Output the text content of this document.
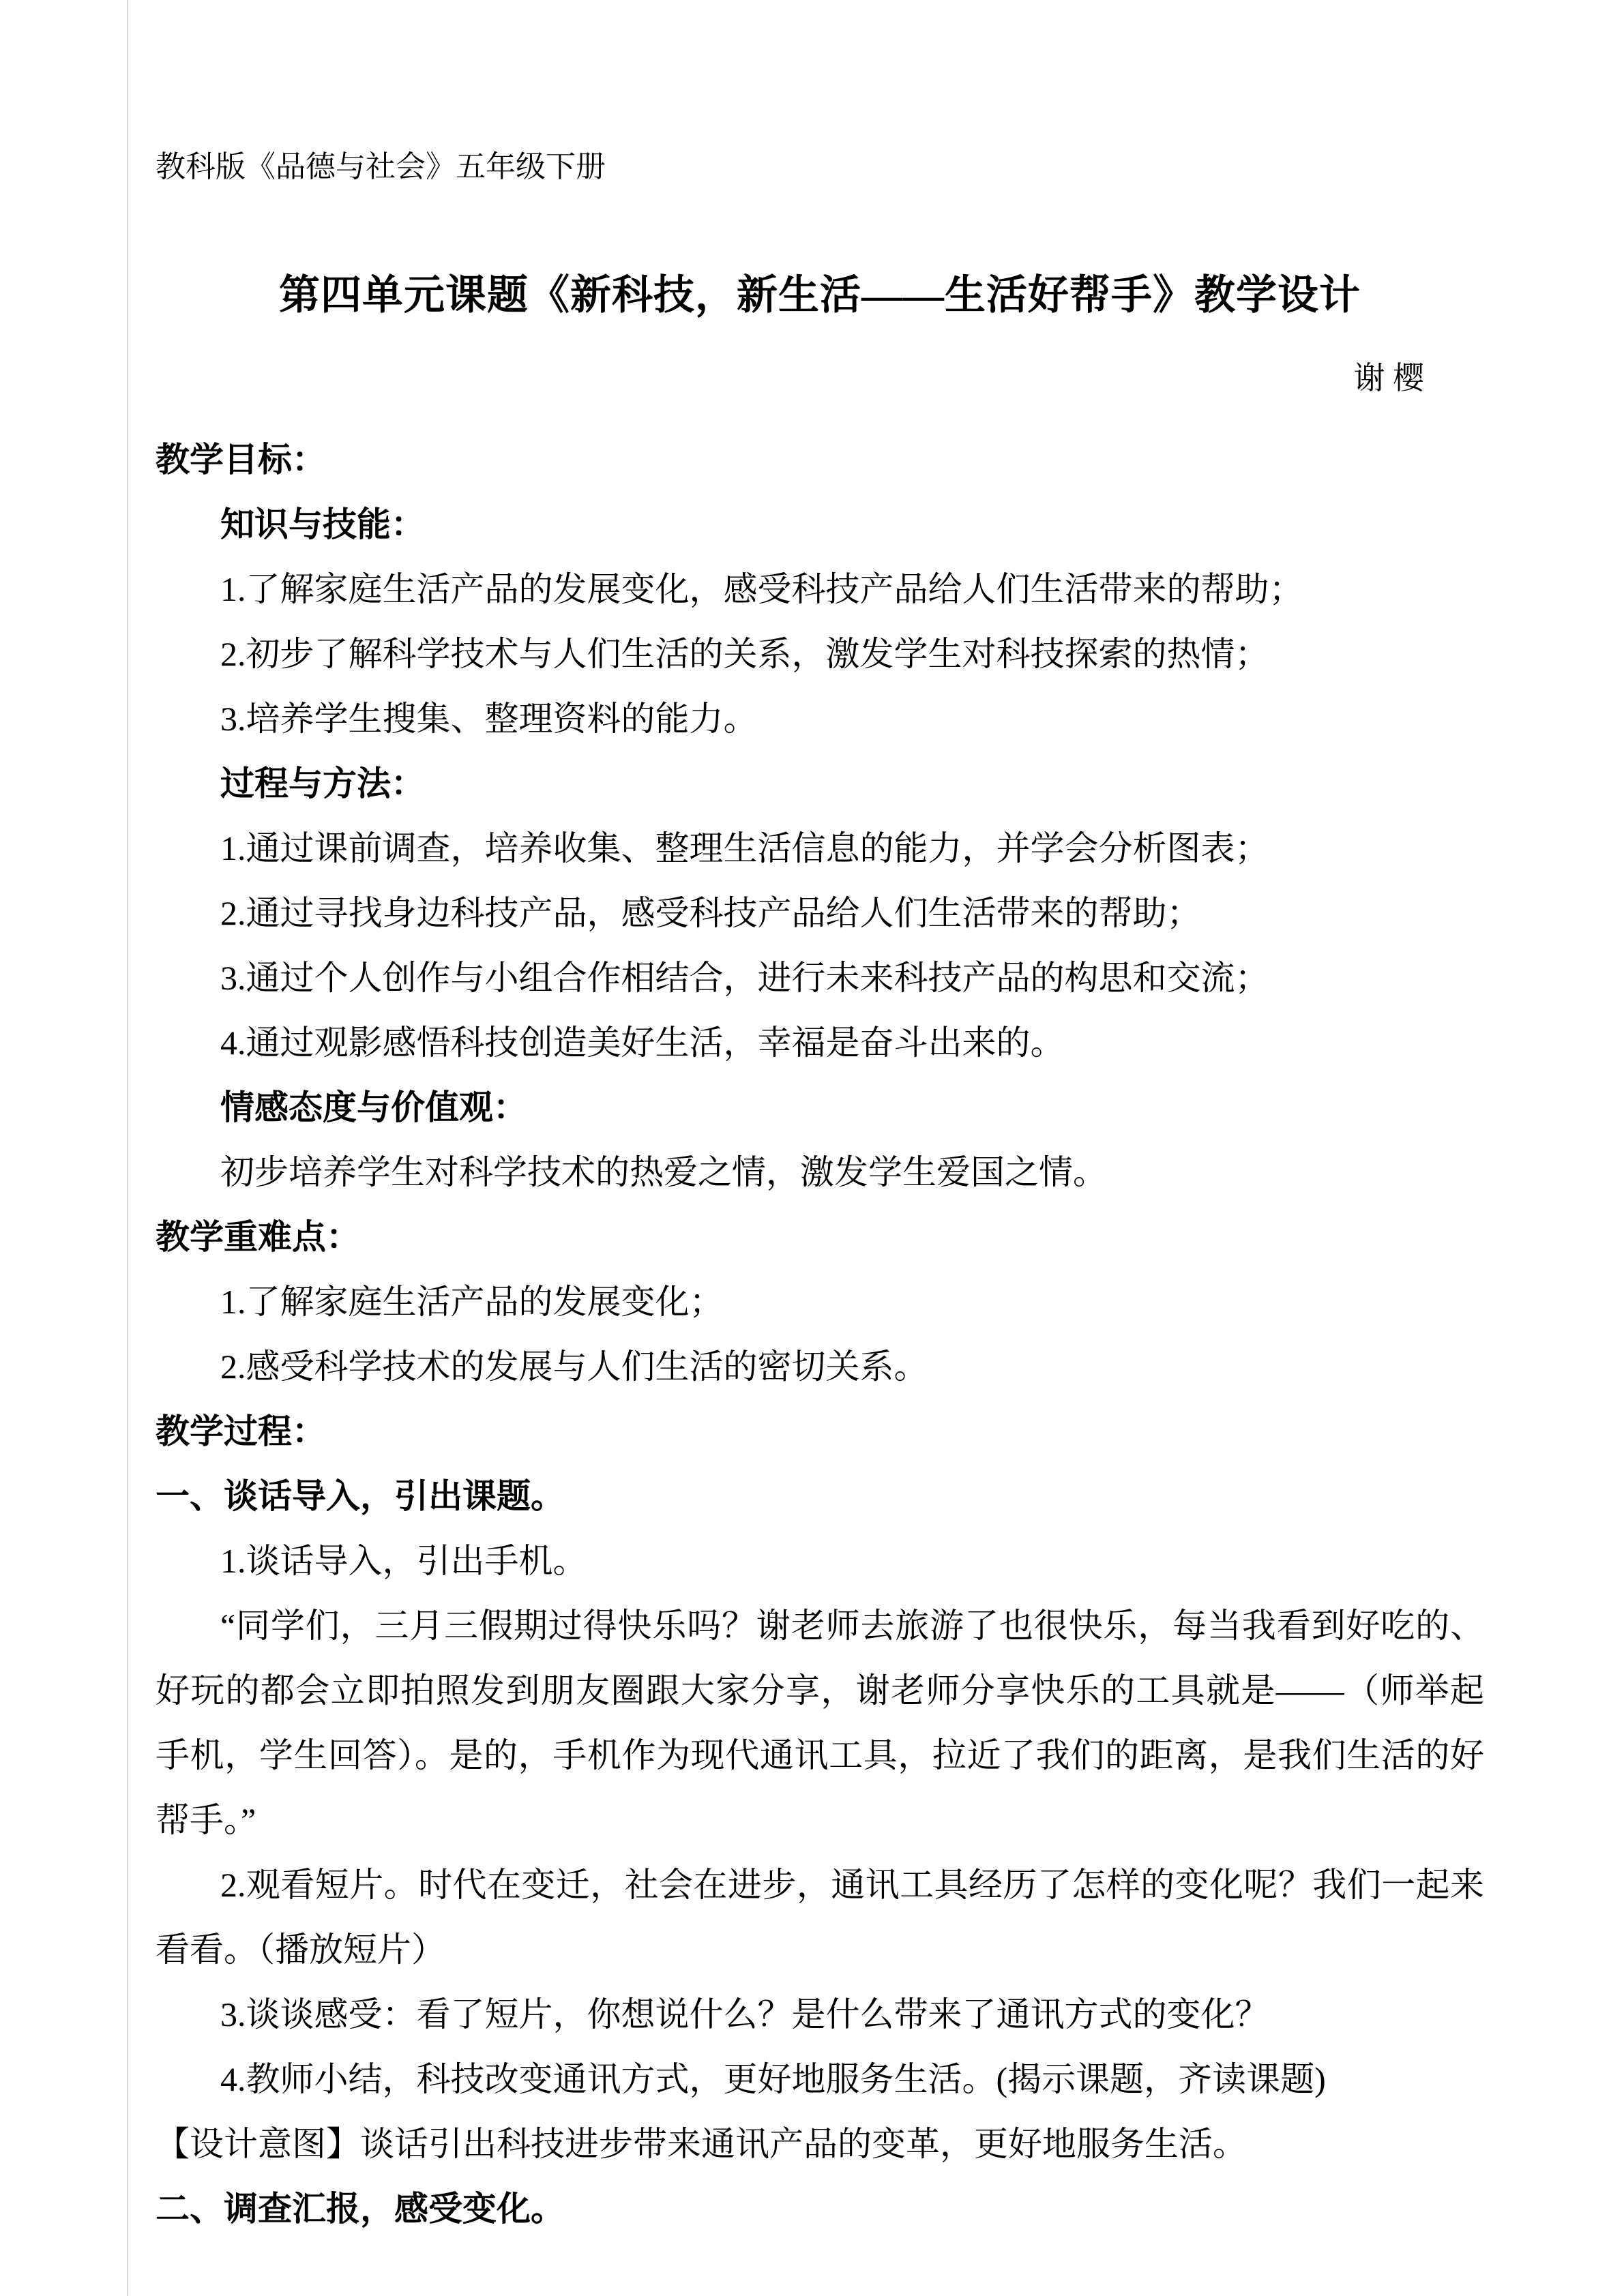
教科版《品德与社会》五年级下册

第四单元课题《新科技，新生活——生活好帮手》教学设计

谢 樱

教学目标：

知识与技能：

1.了解家庭生活产品的发展变化，感受科技产品给人们生活带来的帮助；

2.初步了解科学技术与人们生活的关系，激发学生对科技探索的热情；

3.培养学生搜集、整理资料的能力。

过程与方法：

1.通过课前调查，培养收集、整理生活信息的能力，并学会分析图表；

2.通过寻找身边科技产品，感受科技产品给人们生活带来的帮助；

3.通过个人创作与小组合作相结合，进行未来科技产品的构思和交流；

4.通过观影感悟科技创造美好生活，幸福是奋斗出来的。

情感态度与价值观：

初步培养学生对科学技术的热爱之情，激发学生爱国之情。

教学重难点：

1.了解家庭生活产品的发展变化；

2.感受科学技术的发展与人们生活的密切关系。

教学过程：

一、谈话导入，引出课题。

1.谈话导入，引出手机。

“同学们，三月三假期过得快乐吗？谢老师去旅游了也很快乐，每当我看到好吃的、好玩的都会立即拍照发到朋友圈跟大家分享，谢老师分享快乐的工具就是——（师举起手机，学生回答）。是的，手机作为现代通讯工具，拉近了我们的距离，是我们生活的好帮手。”

2.观看短片。时代在变迁，社会在进步，通讯工具经历了怎样的变化呢？我们一起来看看。（播放短片）

3.谈谈感受：看了短片，你想说什么？是什么带来了通讯方式的变化？

4.教师小结，科技改变通讯方式，更好地服务生活。(揭示课题，齐读课题)

【设计意图】谈话引出科技进步带来通讯产品的变革，更好地服务生活。

二、调查汇报，感受变化。
